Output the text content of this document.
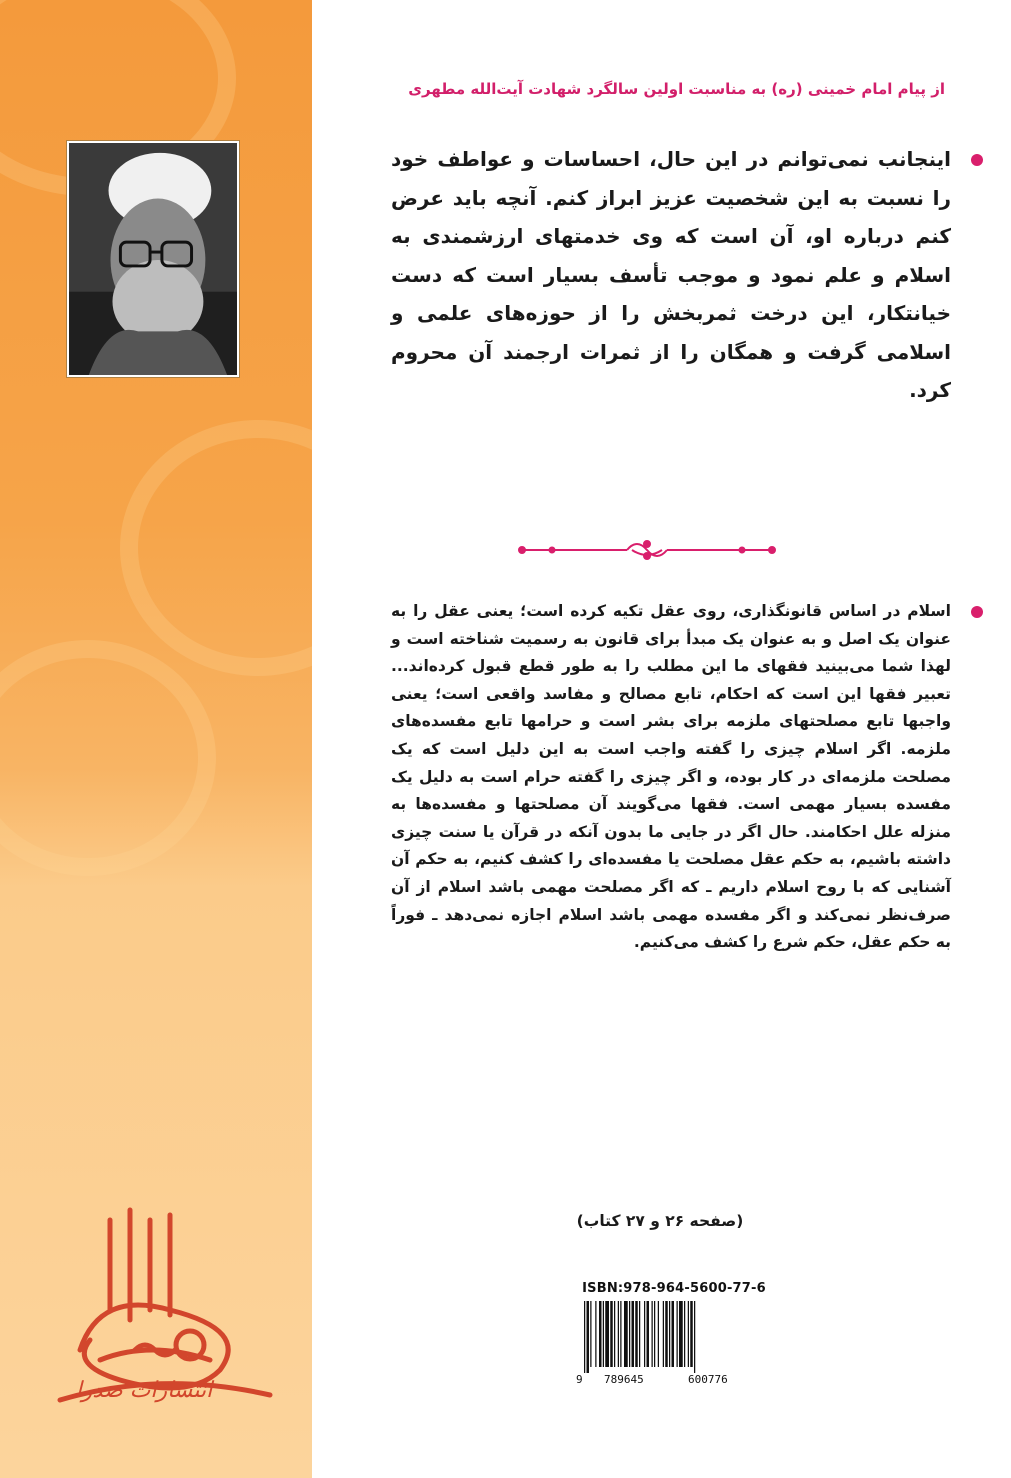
انتشارات صدرا
از پیام امام خمینی (ره) به مناسبت اولین سالگرد شهادت آیت‌الله مطهری
اینجانب نمی‌توانم در این حال، احساسات و عواطف خود را نسبت به این شخصیت عزیز ابراز کنم. آنچه باید عرض کنم درباره او، آن است که وی خدمتهای ارزشمندی به اسلام و علم نمود و موجب تأسف بسیار است که دست خیانتکار، این درخت ثمربخش را از حوزه‌های علمی و اسلامی گرفت و همگان را از ثمرات ارجمند آن محروم کرد.
اسلام در اساس قانونگذاری، روی عقل تکیه کرده است؛ یعنی عقل را به عنوان یک اصل و به عنوان یک مبدأ برای قانون به رسمیت شناخته است و لهذا شما می‌بینید فقهای ما این مطلب را به طور قطع قبول کرده‌اند... تعبیر فقها این است که احکام، تابع مصالح و مفاسد واقعی است؛ یعنی واجبها تابع مصلحتهای ملزمه برای بشر است و حرامها تابع مفسده‌های ملزمه. اگر اسلام چیزی را گفته واجب است به این دلیل است که یک مصلحت ملزمه‌ای در کار بوده، و اگر چیزی را گفته حرام است به دلیل یک مفسده بسیار مهمی است. فقها می‌گویند آن مصلحتها و مفسده‌ها به منزله علل احکامند. حال اگر در جایی ما بدون آنکه در قرآن یا سنت چیزی داشته باشیم، به حکم عقل مصلحت یا مفسده‌ای را کشف کنیم، به حکم آن آشنایی که با روح اسلام داریم ـ که اگر مصلحت مهمی باشد اسلام از آن صرف‌نظر نمی‌کند و اگر مفسده مهمی باشد اسلام اجازه نمی‌دهد ـ فوراً به حکم عقل، حکم شرع را کشف می‌کنیم.
(صفحه ۲۶ و ۲۷ کتاب)
ISBN:978-964-5600-77-6
9 789645	600776
